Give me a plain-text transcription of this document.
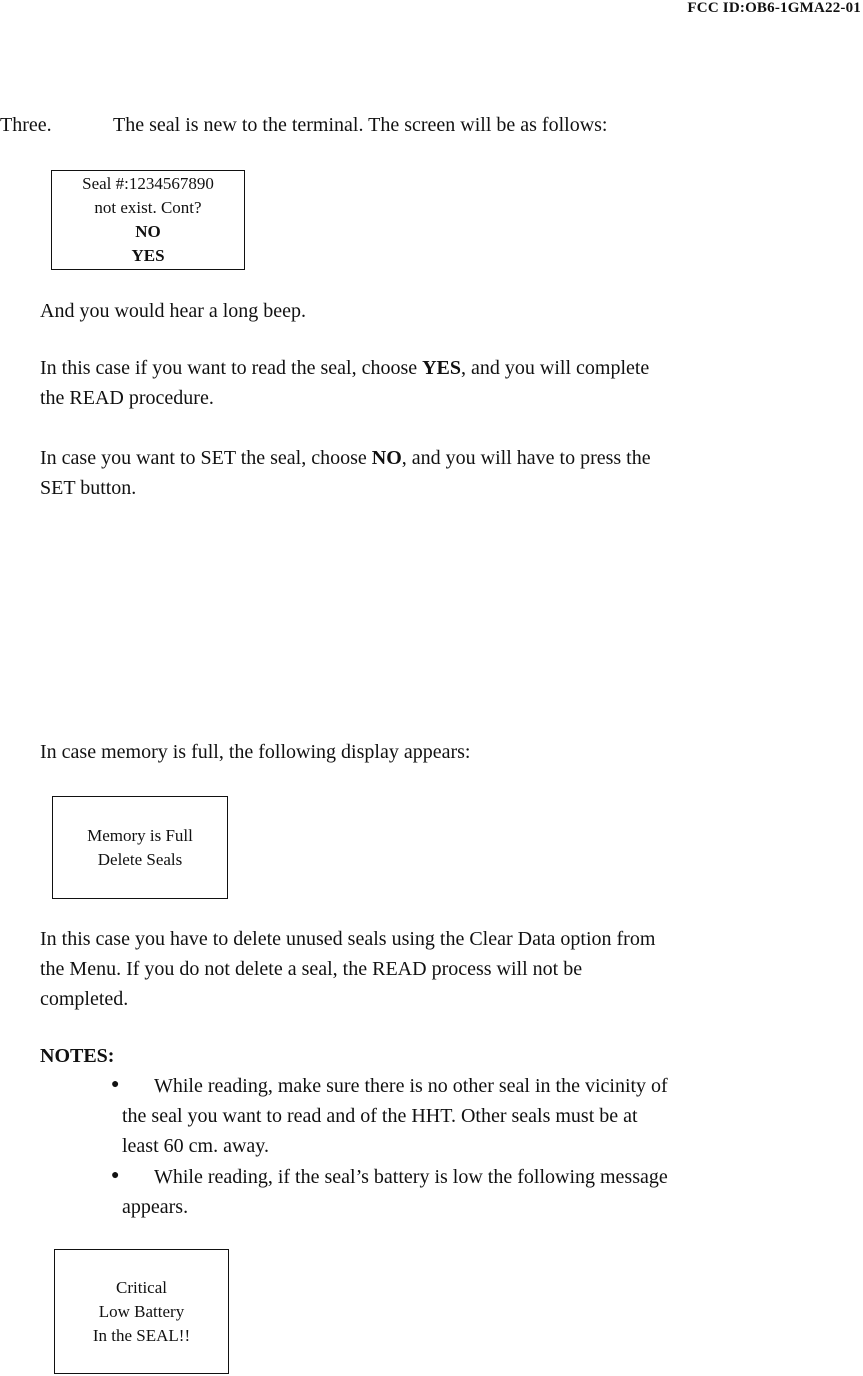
FCC ID:OB6-1GMA22-01
Three.	The seal is new to the terminal. The screen will be as follows:
Seal #:1234567890
not exist. Cont?
NO
YES
And you would hear a long beep.
In this case if you want to read the seal, choose YES, and you will complete
the READ procedure.
In case you want to SET the seal, choose NO, and you will have to press the
SET button.
In case memory is full, the following display appears:
Memory is Full
Delete Seals
In this case you have to delete unused seals using the Clear Data option from
the Menu. If you do not delete a seal, the READ process will not be
completed.
NOTES:
●	While reading, make sure there is no other seal in the vicinity of
the seal you want to read and of the HHT. Other seals must be at
least 60 cm. away.
●	While reading, if the seal’s battery is low the following message
appears.
Critical
Low Battery
In the SEAL!!
